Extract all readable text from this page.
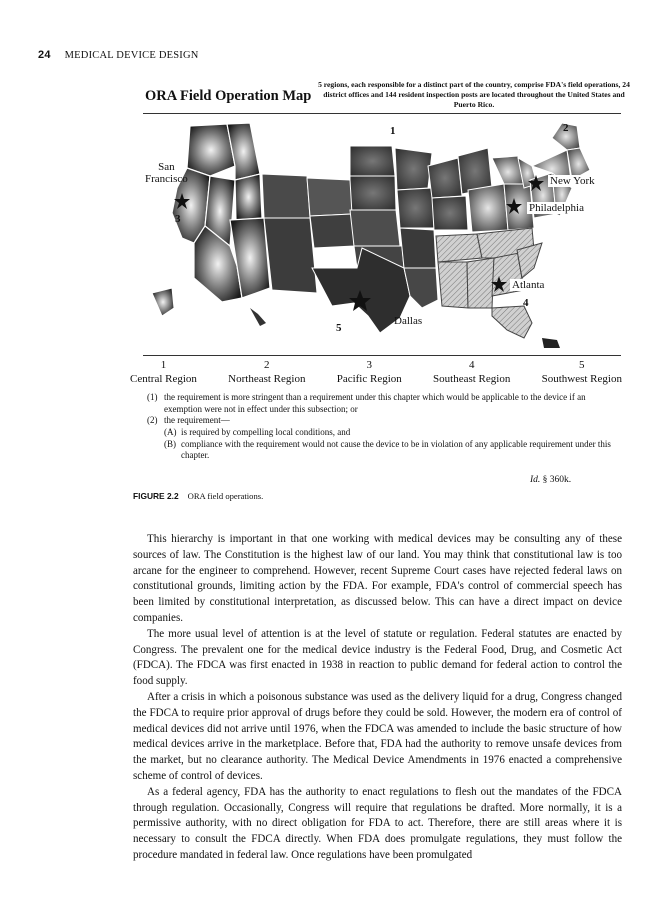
24 MEDICAL DEVICE DESIGN
ORA Field Operation Map
5 regions, each responsible for a distinct part of the country, comprise FDA's field operations, 24 district offices and 144 resident inspection posts are located throughout the United States and Puerto Rico.
San
Francisco	New York
Philadelphia
Atlanta
Dallas
1	2
3
4
5
1
Central Region
2
Northeast Region
3
Pacific Region
4
Southeast Region
5
Southwest Region
(1) the requirement is more stringent than a requirement under this chapter which would be applicable to the device if an exemption were not in effect under this subsection; or
(2) the requirement—
(A) is required by compelling local conditions, and
(B) compliance with the requirement would not cause the device to be in violation of any applicable requirement under this chapter.
Id. § 360k.
FIGURE 2.2 ORA field operations.

This hierarchy is important in that one working with medical devices may be consulting any of these sources of law. The Constitution is the highest law of our land. You may think that constitutional law is too arcane for the engineer to comprehend. However, recent Supreme Court cases have rejected federal laws on constitutional grounds, limiting action by the FDA. For example, FDA's control of commercial speech has been limited by constitutional interpretation, as discussed below. This can have a direct impact on device companies.

The more usual level of attention is at the level of statute or regulation. Federal statutes are enacted by Congress. The prevalent one for the medical device industry is the Federal Food, Drug, and Cosmetic Act (FDCA). The FDCA was first enacted in 1938 in reaction to public demand for federal action to control the food supply.

After a crisis in which a poisonous substance was used as the delivery liquid for a drug, Congress changed the FDCA to require prior approval of drugs before they could be sold. However, the modern era of control of medical devices did not arrive until 1976, when the FDCA was amended to include the basic structure of how medical devices arrive in the marketplace. Before that, FDA had the authority to remove unsafe devices from the market, but no clearance authority. The Medical Device Amendments in 1976 enacted a comprehensive scheme of control of devices.

As a federal agency, FDA has the authority to enact regulations to flesh out the mandates of the FDCA through regulation. Occasionally, Congress will require that regulations be drafted. More normally, it is a permissive authority, with no direct obligation for FDA to act. Therefore, there are still areas where it is necessary to consult the FDCA directly. When FDA does promulgate regulations, they must follow the procedure mandated in federal law. Once regulations have been promulgated
